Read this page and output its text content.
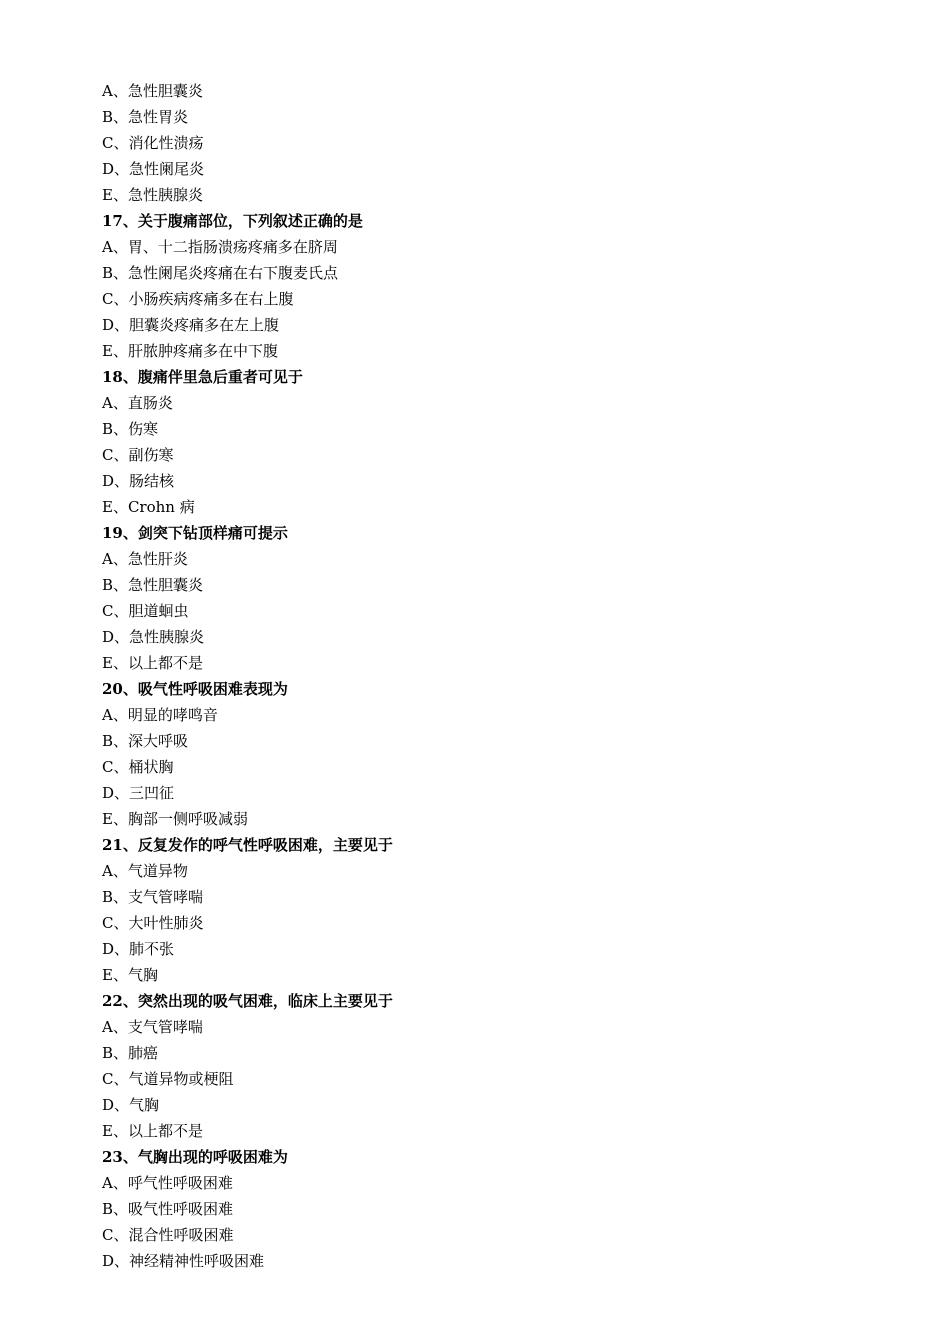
A、急性胆囊炎
B、急性胃炎
C、消化性溃疡
D、急性阑尾炎
E、急性胰腺炎
17、关于腹痛部位，下列叙述正确的是
A、胃、十二指肠溃疡疼痛多在脐周
B、急性阑尾炎疼痛在右下腹麦氏点
C、小肠疾病疼痛多在右上腹
D、胆囊炎疼痛多在左上腹
E、肝脓肿疼痛多在中下腹
18、腹痛伴里急后重者可见于
A、直肠炎
B、伤寒
C、副伤寒
D、肠结核
E、Crohn 病
19、剑突下钻顶样痛可提示
A、急性肝炎
B、急性胆囊炎
C、胆道蛔虫
D、急性胰腺炎
E、以上都不是
20、吸气性呼吸困难表现为
A、明显的哮鸣音
B、深大呼吸
C、桶状胸
D、三凹征
E、胸部一侧呼吸减弱
21、反复发作的呼气性呼吸困难，主要见于
A、气道异物
B、支气管哮喘
C、大叶性肺炎
D、肺不张
E、气胸
22、突然出现的吸气困难，临床上主要见于
A、支气管哮喘
B、肺癌
C、气道异物或梗阻
D、气胸
E、以上都不是
23、气胸出现的呼吸困难为
A、呼气性呼吸困难
B、吸气性呼吸困难
C、混合性呼吸困难
D、神经精神性呼吸困难
